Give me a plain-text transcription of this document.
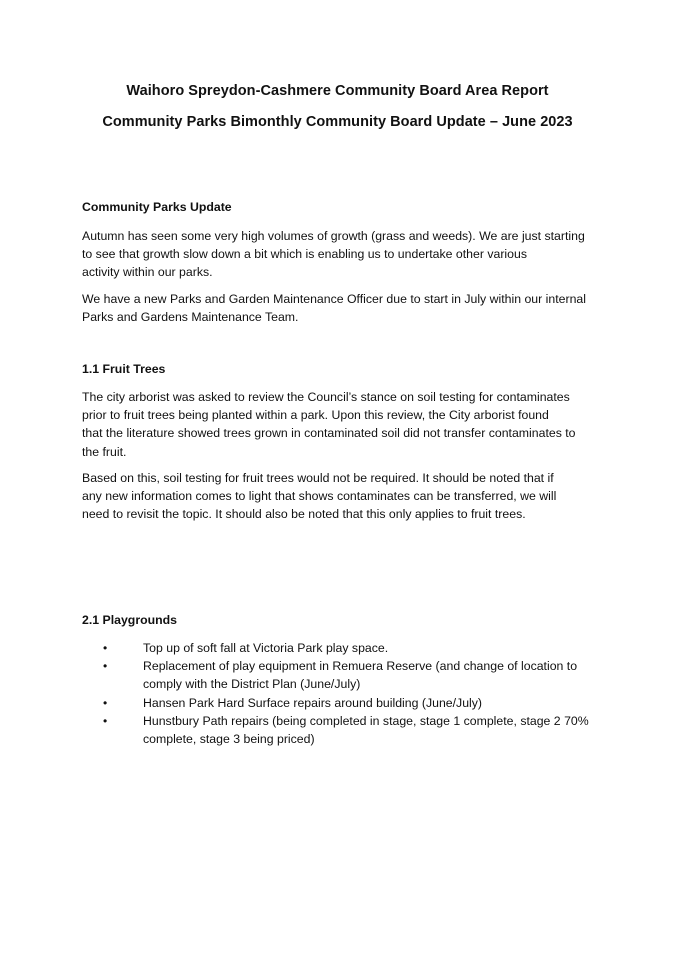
Waihoro Spreydon-Cashmere Community Board Area Report
Community Parks Bimonthly Community Board Update – June 2023
Community Parks Update

Autumn has seen some very high volumes of growth (grass and weeds). We are just starting
to see that growth slow down a bit which is enabling us to undertake other various
activity within our parks.

We have a new Parks and Garden Maintenance Officer due to start in July within our internal
Parks and Gardens Maintenance Team.

1.1 Fruit Trees

The city arborist was asked to review the Council’s stance on soil testing for contaminates
prior to fruit trees being planted within a park. Upon this review, the City arborist found
that the literature showed trees grown in contaminated soil did not transfer contaminates to
the fruit.

Based on this, soil testing for fruit trees would not be required. It should be noted that if
any new information comes to light that shows contaminates can be transferred, we will
need to revisit the topic. It should also be noted that this only applies to fruit trees.

2.1 Playgrounds
•	Top up of soft fall at Victoria Park play space.
•	Replacement of play equipment in Remuera Reserve (and change of location to
comply with the District Plan (June/July)
•	Hansen Park Hard Surface repairs around building (June/July)
•	Hunstbury Path repairs (being completed in stage, stage 1 complete, stage 2 70%
complete, stage 3 being priced)
